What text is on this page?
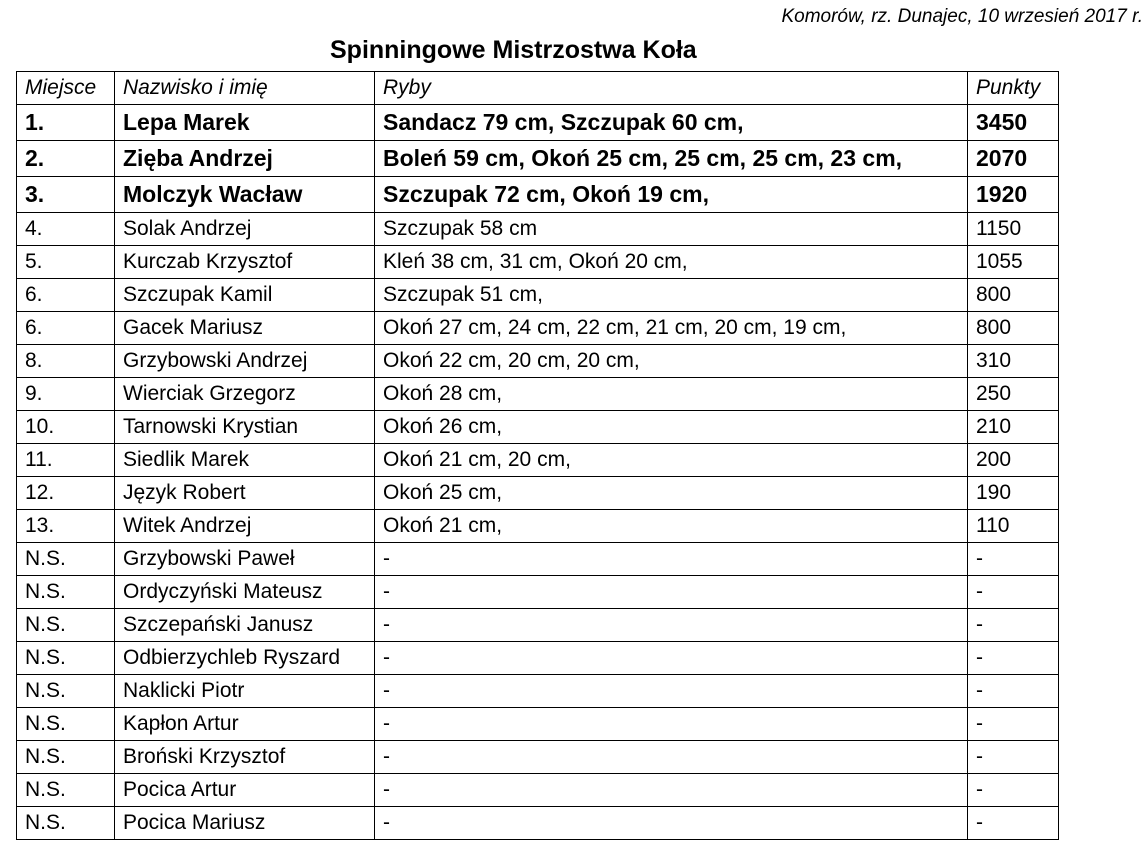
Komorów, rz. Dunajec, 10 wrzesień 2017 r.
Spinningowe Mistrzostwa Koła
Miejsce	Nazwisko i imię	Ryby	Punkty
1.	Lepa Marek	Sandacz 79 cm, Szczupak 60 cm,	3450
2.	Zięba Andrzej	Boleń 59 cm, Okoń 25 cm, 25 cm, 25 cm, 23 cm,	2070
3.	Molczyk Wacław	Szczupak 72 cm, Okoń 19 cm,	1920
4.	Solak Andrzej	Szczupak 58 cm	1150
5.	Kurczab Krzysztof	Kleń 38 cm, 31 cm, Okoń 20 cm,	1055
6.	Szczupak Kamil	Szczupak 51 cm,	800
6.	Gacek Mariusz	Okoń 27 cm, 24 cm, 22 cm, 21 cm, 20 cm, 19 cm,	800
8.	Grzybowski Andrzej	Okoń 22 cm, 20 cm, 20 cm,	310
9.	Wierciak Grzegorz	Okoń 28 cm,	250
10.	Tarnowski Krystian	Okoń 26 cm,	210
11.	Siedlik Marek	Okoń 21 cm, 20 cm,	200
12.	Język Robert	Okoń 25 cm,	190
13.	Witek Andrzej	Okoń 21 cm,	110
N.S.	Grzybowski Paweł	-	-
N.S.	Ordyczyński Mateusz	-	-
N.S.	Szczepański Janusz	-	-
N.S.	Odbierzychleb Ryszard	-	-
N.S.	Naklicki Piotr	-	-
N.S.	Kapłon Artur	-	-
N.S.	Broński Krzysztof	-	-
N.S.	Pocica Artur	-	-
N.S.	Pocica Mariusz	-	-
